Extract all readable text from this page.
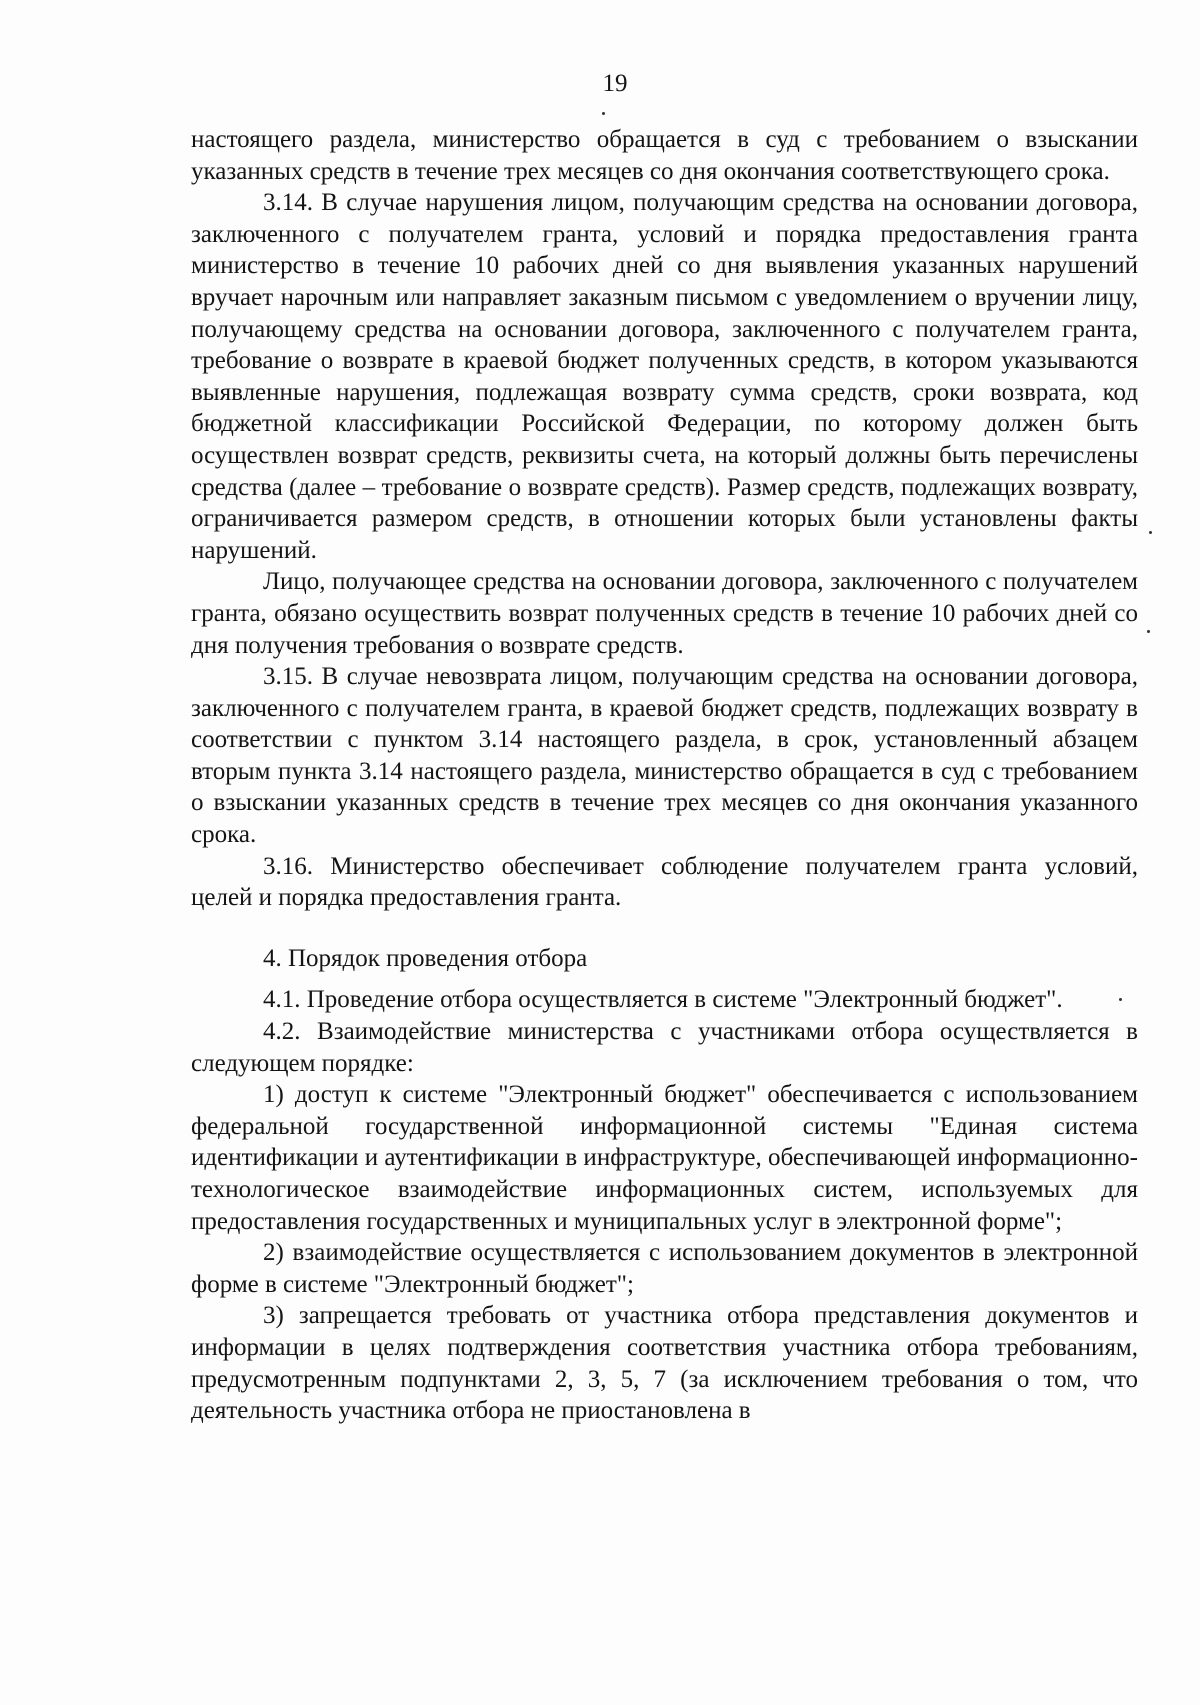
19

настоящего раздела, министерство обращается в суд с требованием о взыскании указанных средств в течение трех месяцев со дня окончания соответствующего срока.

3.14. В случае нарушения лицом, получающим средства на основании договора, заключенного с получателем гранта, условий и порядка предоставления гранта министерство в течение 10 рабочих дней со дня выявления указанных нарушений вручает нарочным или направляет заказным письмом с уведомлением о вручении лицу, получающему средства на основании договора, заключенного с получателем гранта, требование о возврате в краевой бюджет полученных средств, в котором указываются выявленные нарушения, подлежащая возврату сумма средств, сроки возврата, код бюджетной классификации Российской Федерации, по которому должен быть осуществлен возврат средств, реквизиты счета, на который должны быть перечислены средства (далее – требование о возврате средств). Размер средств, подлежащих возврату, ограничивается размером средств, в отношении которых были установлены факты нарушений.

Лицо, получающее средства на основании договора, заключенного с получателем гранта, обязано осуществить возврат полученных средств в течение 10 рабочих дней со дня получения требования о возврате средств.

3.15. В случае невозврата лицом, получающим средства на основании договора, заключенного с получателем гранта, в краевой бюджет средств, подлежащих возврату в соответствии с пунктом 3.14 настоящего раздела, в срок, установленный абзацем вторым пункта 3.14 настоящего раздела, министерство обращается в суд с требованием о взыскании указанных средств в течение трех месяцев со дня окончания указанного срока.

3.16. Министерство обеспечивает соблюдение получателем гранта условий, целей и порядка предоставления гранта.

4. Порядок проведения отбора

4.1. Проведение отбора осуществляется в системе "Электронный бюджет".

4.2. Взаимодействие министерства с участниками отбора осуществляется в следующем порядке:

1) доступ к системе "Электронный бюджет" обеспечивается с использованием федеральной государственной информационной системы "Единая система идентификации и аутентификации в инфраструктуре, обеспечивающей информационно-технологическое взаимодействие информационных систем, используемых для предоставления государственных и муниципальных услуг в электронной форме";

2) взаимодействие осуществляется с использованием документов в электронной форме в системе "Электронный бюджет";

3) запрещается требовать от участника отбора представления документов и информации в целях подтверждения соответствия участника отбора требованиям, предусмотренным подпунктами 2, 3, 5, 7 (за исключением требования о том, что деятельность участника отбора не приостановлена в
